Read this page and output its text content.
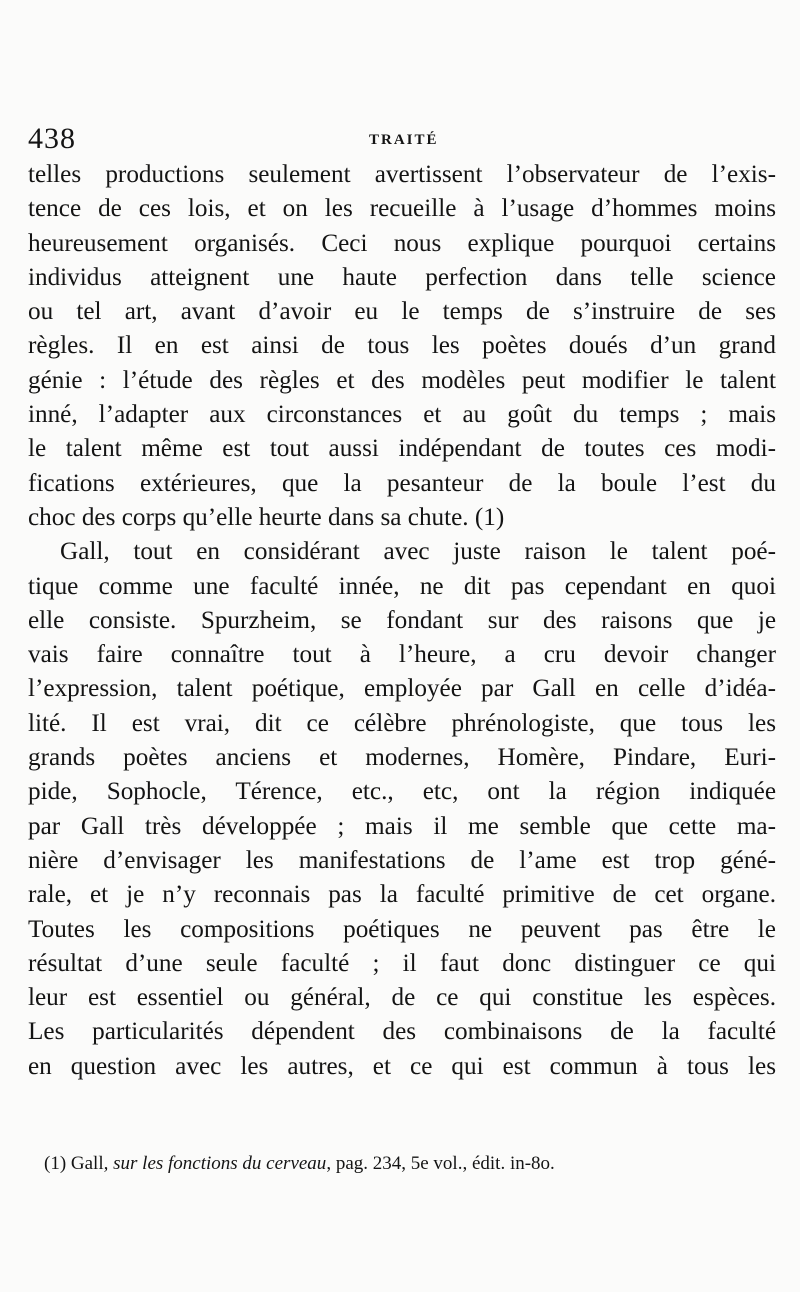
438	TRAITÉ
telles productions seulement avertissent l’observateur de l’exis-
tence de ces lois, et on les recueille à l’usage d’hommes moins
heureusement organisés. Ceci nous explique pourquoi certains
individus atteignent une haute perfection dans telle science
ou tel art, avant d’avoir eu le temps de s’instruire de ses
règles. Il en est ainsi de tous les poètes doués d’un grand
génie : l’étude des règles et des modèles peut modifier le talent
inné, l’adapter aux circonstances et au goût du temps ; mais
le talent même est tout aussi indépendant de toutes ces modi-
fications extérieures, que la pesanteur de la boule l’est du
choc des corps qu’elle heurte dans sa chute. (1)
Gall, tout en considérant avec juste raison le talent poé-
tique comme une faculté innée, ne dit pas cependant en quoi
elle consiste. Spurzheim, se fondant sur des raisons que je
vais faire connaître tout à l’heure, a cru devoir changer
l’expression, talent poétique, employée par Gall en celle d’idéa-
lité. Il est vrai, dit ce célèbre phrénologiste, que tous les
grands poètes anciens et modernes, Homère, Pindare, Euri-
pide, Sophocle, Térence, etc., etc, ont la région indiquée
par Gall très développée ; mais il me semble que cette ma-
nière d’envisager les manifestations de l’ame est trop géné-
rale, et je n’y reconnais pas la faculté primitive de cet organe.
Toutes les compositions poétiques ne peuvent pas être le
résultat d’une seule faculté ; il faut donc distinguer ce qui
leur est essentiel ou général, de ce qui constitue les espèces.
Les particularités dépendent des combinaisons de la faculté
en question avec les autres, et ce qui est commun à tous les
(1) Gall, sur les fonctions du cerveau, pag. 234, 5e vol., édit. in-8o.
